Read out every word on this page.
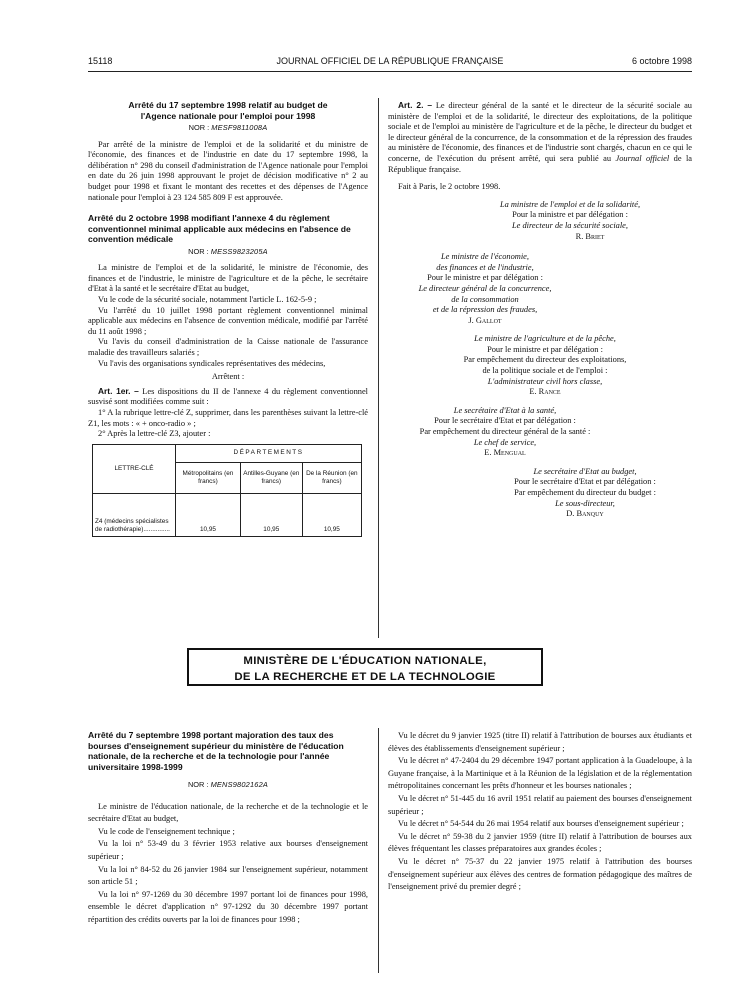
15118	JOURNAL OFFICIEL DE LA RÉPUBLIQUE FRANÇAISE	6 octobre 1998

Arrêté du 17 septembre 1998 relatif au budget de l'Agence nationale pour l'emploi pour 1998

NOR : MESF9811008A

Par arrêté de la ministre de l'emploi et de la solidarité et du ministre de l'économie, des finances et de l'industrie en date du 17 septembre 1998, la délibération n° 298 du conseil d'administration de l'Agence nationale pour l'emploi en date du 26 juin 1998 approuvant le projet de décision modificative n° 2 au budget pour 1998 et fixant le montant des recettes et des dépenses de l'Agence nationale pour l'emploi à 23 124 585 809 F est approuvée.

Arrêté du 2 octobre 1998 modifiant l'annexe 4 du règlement conventionnel minimal applicable aux médecins en l'absence de convention médicale

NOR : MESS9823205A

La ministre de l'emploi et de la solidarité, le ministre de l'économie, des finances et de l'industrie, le ministre de l'agriculture et de la pêche, le secrétaire d'Etat à la santé et le secrétaire d'Etat au budget,

Vu le code de la sécurité sociale, notamment l'article L. 162-5-9 ;

Vu l'arrêté du 10 juillet 1998 portant règlement conventionnel minimal applicable aux médecins en l'absence de convention médicale, modifié par l'arrêté du 11 août 1998 ;

Vu l'avis du conseil d'administration de la Caisse nationale de l'assurance maladie des travailleurs salariés ;

Vu l'avis des organisations syndicales représentatives des médecins,

Arrêtent :

Art. 1er. – Les dispositions du II de l'annexe 4 du règlement conventionnel susvisé sont modifiées comme suit :

1° A la rubrique lettre-clé Z, supprimer, dans les parenthèses suivant la lettre-clé Z1, les mots : « + onco-radio » ;

2° Après la lettre-clé Z3, ajouter :

LETTRE-CLÉ	DÉPARTEMENTS		
	Métropolitains (en francs)	Antilles-Guyane (en francs)	De la Réunion (en francs)
Z4 (médecins spécialistes de radiothérapie)...............	10,95	10,95	10,95

Art. 2. – Le directeur général de la santé et le directeur de la sécurité sociale au ministère de l'emploi et de la solidarité, le directeur des exploitations, de la politique sociale et de l'emploi au ministère de l'agriculture et de la pêche, le directeur du budget et le directeur général de la concurrence, de la consommation et de la répression des fraudes au ministère de l'économie, des finances et de l'industrie sont chargés, chacun en ce qui le concerne, de l'exécution du présent arrêté, qui sera publié au Journal officiel de la République française.

Fait à Paris, le 2 octobre 1998.

La ministre de l'emploi et de la solidarité,
Pour la ministre et par délégation :
Le directeur de la sécurité sociale,
R. Briet
Le ministre de l'économie,
des finances et de l'industrie,
Pour le ministre et par délégation :
Le directeur général de la concurrence,
de la consommation
et de la répression des fraudes,
J. Gallot
Le ministre de l'agriculture et de la pêche,
Pour le ministre et par délégation :
Par empêchement du directeur des exploitations,
de la politique sociale et de l'emploi :
L'administrateur civil hors classe,
E. Rance
Le secrétaire d'Etat à la santé,
Pour le secrétaire d'Etat et par délégation :
Par empêchement du directeur général de la santé :
Le chef de service,
E. Mengual
Le secrétaire d'Etat au budget,
Pour le secrétaire d'Etat et par délégation :
Par empêchement du directeur du budget :
Le sous-directeur,
D. Banquy
MINISTÈRE DE L'ÉDUCATION NATIONALE,
DE LA RECHERCHE ET DE LA TECHNOLOGIE

Arrêté du 7 septembre 1998 portant majoration des taux des bourses d'enseignement supérieur du ministère de l'éducation nationale, de la recherche et de la technologie pour l'année universitaire 1998-1999

NOR : MENS9802162A

Le ministre de l'éducation nationale, de la recherche et de la technologie et le secrétaire d'Etat au budget,

Vu le code de l'enseignement technique ;

Vu la loi n° 53-49 du 3 février 1953 relative aux bourses d'enseignement supérieur ;

Vu la loi n° 84-52 du 26 janvier 1984 sur l'enseignement supérieur, notamment son article 51 ;

Vu la loi n° 97-1269 du 30 décembre 1997 portant loi de finances pour 1998, ensemble le décret d'application n° 97-1292 du 30 décembre 1997 portant répartition des crédits ouverts par la loi de finances pour 1998 ;

Vu le décret du 9 janvier 1925 (titre II) relatif à l'attribution de bourses aux étudiants et élèves des établissements d'enseignement supérieur ;

Vu le décret n° 47-2404 du 29 décembre 1947 portant application à la Guadeloupe, à la Guyane française, à la Martinique et à la Réunion de la législation et de la réglementation métropolitaines concernant les prêts d'honneur et les bourses nationales ;

Vu le décret n° 51-445 du 16 avril 1951 relatif au paiement des bourses d'enseignement supérieur ;

Vu le décret n° 54-544 du 26 mai 1954 relatif aux bourses d'enseignement supérieur ;

Vu le décret n° 59-38 du 2 janvier 1959 (titre II) relatif à l'attribution de bourses aux élèves fréquentant les classes préparatoires aux grandes écoles ;

Vu le décret n° 75-37 du 22 janvier 1975 relatif à l'attribution des bourses d'enseignement supérieur aux élèves des centres de formation pédagogique des maîtres de l'enseignement privé du premier degré ;
